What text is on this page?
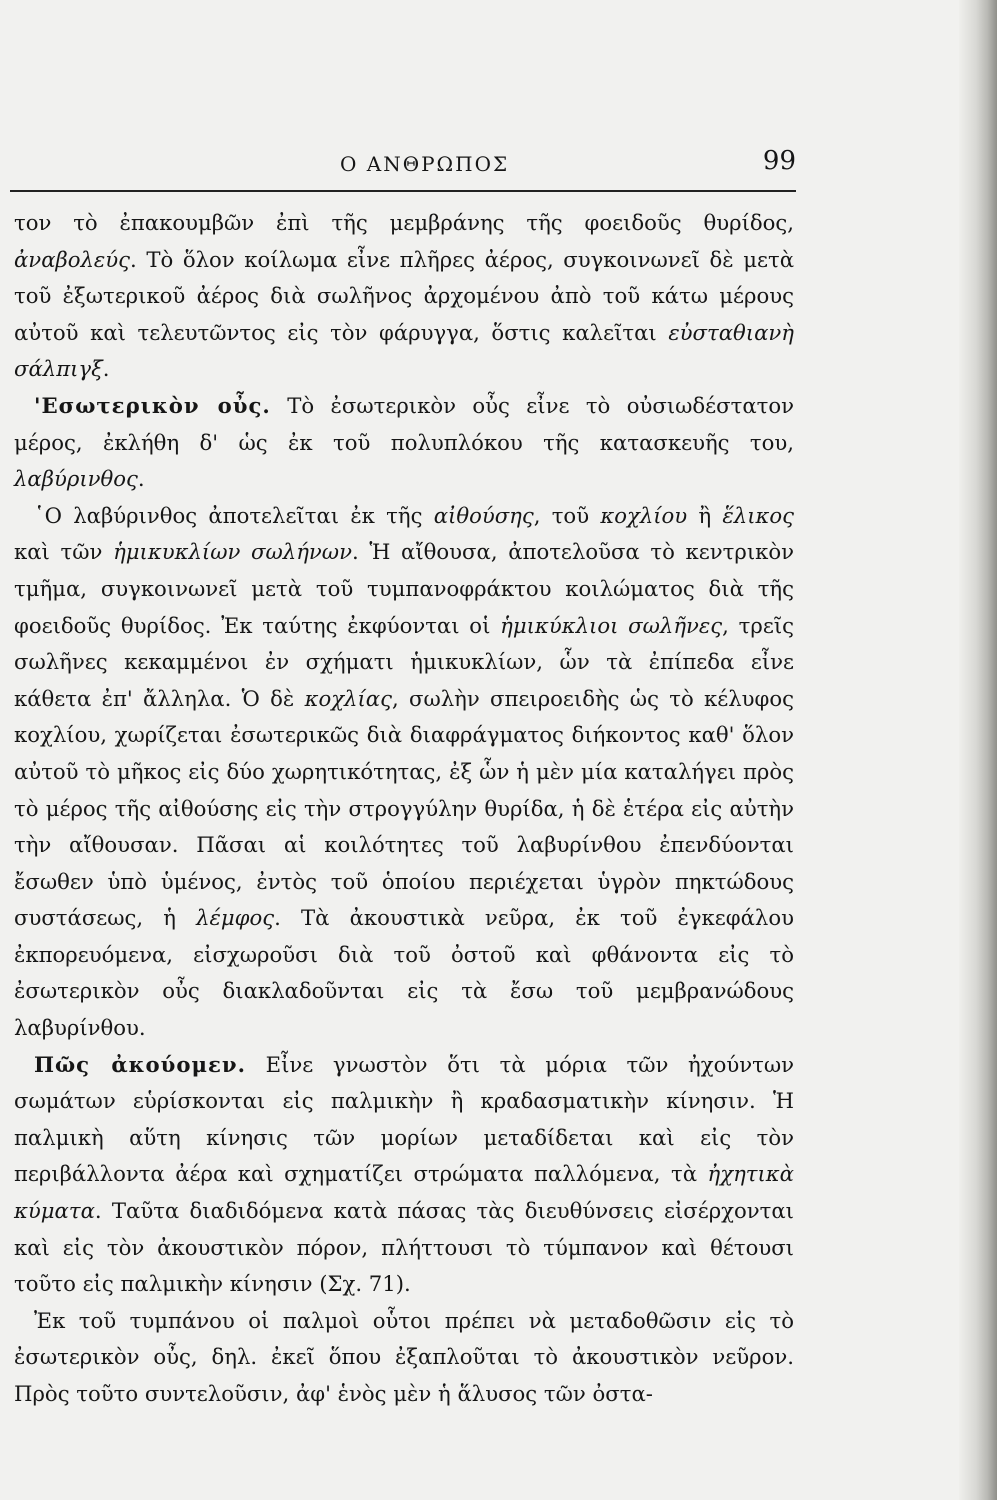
Ο ΑΝΘΡΩΠΟΣ	99

τον τὸ ἐπακουμβῶν ἐπὶ τῆς μεμβράνης τῆς φοειδοῦς θυρίδος, ἀναβολεύς. Τὸ ὅλον κοίλωμα εἶνε πλῆρες ἀέρος, συγκοινωνεῖ δὲ μετὰ τοῦ ἐξωτερικοῦ ἀέρος διὰ σωλῆνος ἀρχομένου ἀπὸ τοῦ κάτω μέρους αὐτοῦ καὶ τελευτῶντος εἰς τὸν φάρυγγα, ὅστις καλεῖται εὐσταθιανὴ σάλπιγξ.

'Εσωτερικὸν οὖς. Τὸ ἐσωτερικὸν οὖς εἶνε τὸ οὐσιωδέστατον μέρος, ἐκλήθη δ' ὡς ἐκ τοῦ πολυπλόκου τῆς κατασκευῆς του, λαβύρινθος.

῾Ο λαβύρινθος ἀποτελεῖται ἐκ τῆς αἰθούσης, τοῦ κοχλίου ἢ ἕλικος καὶ τῶν ἡμικυκλίων σωλήνων. Ἡ αἴθουσα, ἀποτελοῦσα τὸ κεντρικὸν τμῆμα, συγκοινωνεῖ μετὰ τοῦ τυμπανοφράκτου κοιλώματος διὰ τῆς φοειδοῦς θυρίδος. Ἐκ ταύτης ἐκφύονται οἱ ἡμικύκλιοι σωλῆνες, τρεῖς σωλῆνες κεκαμμένοι ἐν σχήματι ἡμικυκλίων, ὧν τὰ ἐπίπεδα εἶνε κάθετα ἐπ' ἄλληλα. Ὁ δὲ κοχλίας, σωλὴν σπειροειδὴς ὡς τὸ κέλυφος κοχλίου, χωρίζεται ἐσωτερικῶς διὰ διαφράγματος διήκοντος καθ' ὅλον αὐτοῦ τὸ μῆκος εἰς δύο χωρητικότητας, ἐξ ὧν ἡ μὲν μία καταλήγει πρὸς τὸ μέρος τῆς αἰθούσης εἰς τὴν στρογγύλην θυρίδα, ἡ δὲ ἑτέρα εἰς αὐτὴν τὴν αἴθουσαν. Πᾶσαι αἱ κοιλότητες τοῦ λαβυρίνθου ἐπενδύονται ἔσωθεν ὑπὸ ὑμένος, ἐντὸς τοῦ ὁποίου περιέχεται ὑγρὸν πηκτώδους συστάσεως, ἡ λέμφος. Τὰ ἀκουστικὰ νεῦρα, ἐκ τοῦ ἐγκεφάλου ἐκπορευόμενα, εἰσχωροῦσι διὰ τοῦ ὀστοῦ καὶ φθάνοντα εἰς τὸ ἐσωτερικὸν οὖς διακλαδοῦνται εἰς τὰ ἔσω τοῦ μεμβρανώδους λαβυρίνθου.

Πῶς ἀκούομεν. Εἶνε γνωστὸν ὅτι τὰ μόρια τῶν ἠχούντων σωμάτων εὑρίσκονται εἰς παλμικὴν ἢ κραδασματικὴν κίνησιν. Ἡ παλμικὴ αὕτη κίνησις τῶν μορίων μεταδίδεται καὶ εἰς τὸν περιβάλλοντα ἀέρα καὶ σχηματίζει στρώματα παλλόμενα, τὰ ἠχητικὰ κύματα. Ταῦτα διαδιδόμενα κατὰ πάσας τὰς διευθύνσεις εἰσέρχονται καὶ εἰς τὸν ἀκουστικὸν πόρον, πλήττουσι τὸ τύμπανον καὶ θέτουσι τοῦτο εἰς παλμικὴν κίνησιν (Σχ. 71).

Ἐκ τοῦ τυμπάνου οἱ παλμοὶ οὗτοι πρέπει νὰ μεταδοθῶσιν εἰς τὸ ἐσωτερικὸν οὖς, δηλ. ἐκεῖ ὅπου ἐξαπλοῦται τὸ ἀκουστικὸν νεῦρον. Πρὸς τοῦτο συντελοῦσιν, ἀφ' ἑνὸς μὲν ἡ ἅλυσος τῶν ὀστα-
